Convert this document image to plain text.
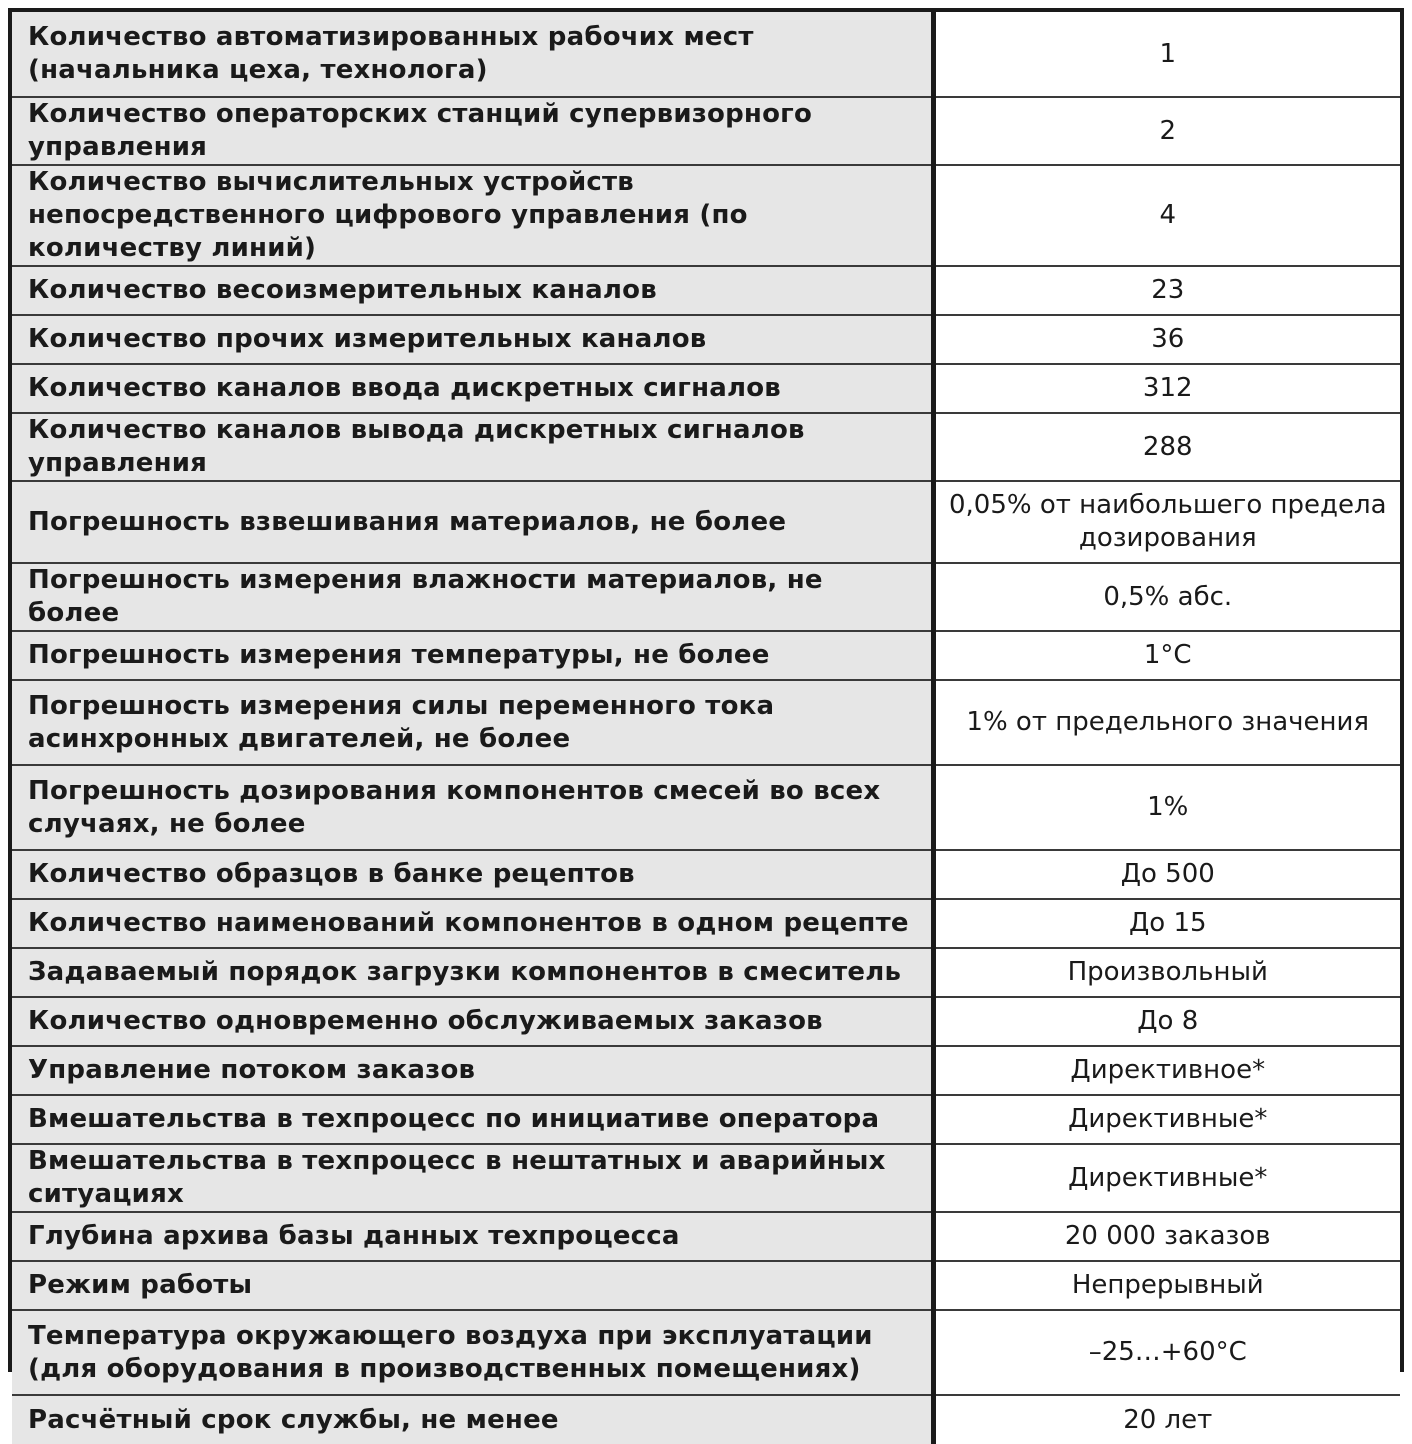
Количество автоматизированных рабочих мест (начальника цеха, технолога)	1
Количество операторских станций супервизорного управления	2
Количество вычислительных устройств непосредственного цифрового управления (по количеству линий)	4
Количество весоизмерительных каналов	23
Количество прочих измерительных каналов	36
Количество каналов ввода дискретных сигналов	312
Количество каналов вывода дискретных сигналов управления	288
Погрешность взвешивания материалов, не более	0,05% от наибольшего предела дозирования
Погрешность измерения влажности материалов, не более	0,5% абс.
Погрешность измерения температуры, не более	1°C
Погрешность измерения силы переменного тока асинхронных двигателей, не более	1% от предельного значения
Погрешность дозирования компонентов смесей во всех случаях, не более	1%
Количество образцов в банке рецептов	До 500
Количество наименований компонентов в одном рецепте	До 15
Задаваемый порядок загрузки компонентов в смеситель	Произвольный
Количество одновременно обслуживаемых заказов	До 8
Управление потоком заказов	Директивное*
Вмешательства в техпроцесс по инициативе оператора	Директивные*
Вмешательства в техпроцесс в нештатных и аварийных ситуациях	Директивные*
Глубина архива базы данных техпроцесса	20 000 заказов
Режим работы	Непрерывный
Температура окружающего воздуха при эксплуатации (для оборудования в производственных помещениях)	–25…+60°С
Расчётный срок службы, не менее	20 лет
